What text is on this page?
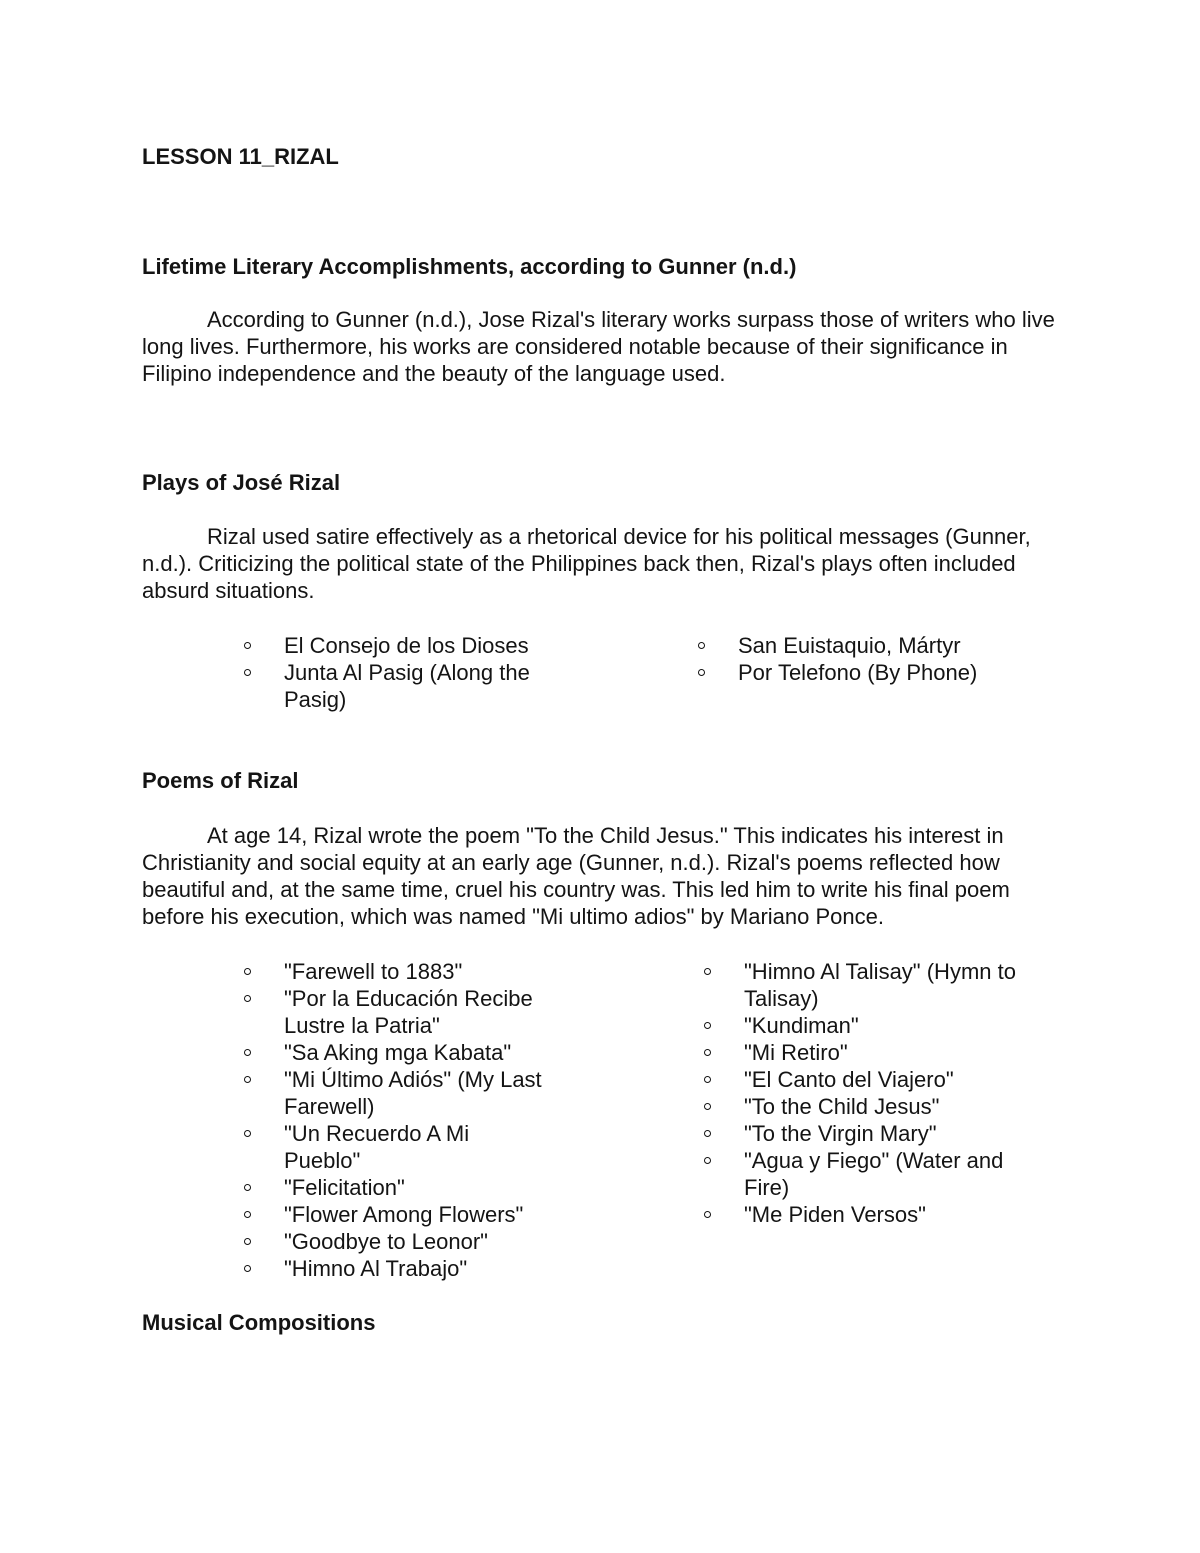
LESSON 11_RIZAL
Lifetime Literary Accomplishments, according to Gunner (n.d.)

According to Gunner (n.d.), Jose Rizal's literary works surpass those of writers who live long lives. Furthermore, his works are considered notable because of their significance in Filipino independence and the beauty of the language used.

Plays of José Rizal

Rizal used satire effectively as a rhetorical device for his political messages (Gunner, n.d.). Criticizing the political state of the Philippines back then, Rizal's plays often included absurd situations.

El Consejo de los Dioses
Junta Al Pasig (Along the Pasig)
San Euistaquio, Mártyr
Por Telefono (By Phone)
Poems of Rizal

At age 14, Rizal wrote the poem "To the Child Jesus." This indicates his interest in Christianity and social equity at an early age (Gunner, n.d.). Rizal's poems reflected how beautiful and, at the same time, cruel his country was. This led him to write his final poem before his execution, which was named "Mi ultimo adios" by Mariano Ponce.

"Farewell to 1883"
"Por la Educación Recibe Lustre la Patria"
"Sa Aking mga Kabata"
"Mi Último Adiós" (My Last Farewell)
"Un Recuerdo A Mi Pueblo"
"Felicitation"
"Flower Among Flowers"
"Goodbye to Leonor"
"Himno Al Trabajo"
"Himno Al Talisay" (Hymn to Talisay)
"Kundiman"
"Mi Retiro"
"El Canto del Viajero"
"To the Child Jesus"
"To the Virgin Mary"
"Agua y Fiego" (Water and Fire)
"Me Piden Versos"
Musical Compositions
